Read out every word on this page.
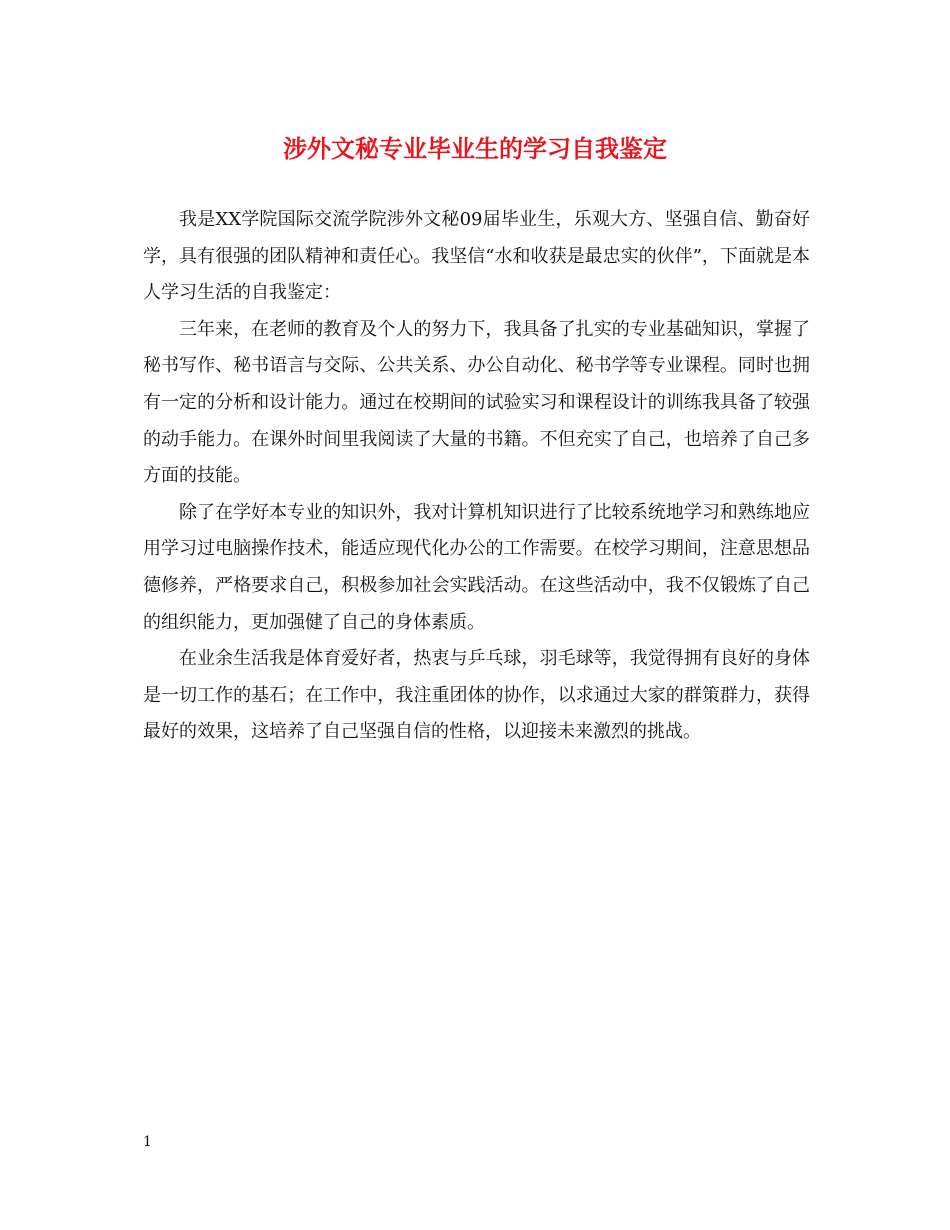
涉外文秘专业毕业生的学习自我鉴定

我是XX学院国际交流学院涉外文秘09届毕业生，乐观大方、坚强自信、勤奋好学，具有很强的团队精神和责任心。我坚信“水和收获是最忠实的伙伴”，下面就是本人学习生活的自我鉴定：

三年来，在老师的教育及个人的努力下，我具备了扎实的专业基础知识，掌握了秘书写作、秘书语言与交际、公共关系、办公自动化、秘书学等专业课程。同时也拥有一定的分析和设计能力。通过在校期间的试验实习和课程设计的训练我具备了较强的动手能力。在课外时间里我阅读了大量的书籍。不但充实了自己，也培养了自己多方面的技能。

除了在学好本专业的知识外，我对计算机知识进行了比较系统地学习和熟练地应用学习过电脑操作技术，能适应现代化办公的工作需要。在校学习期间，注意思想品德修养，严格要求自己，积极参加社会实践活动。在这些活动中，我不仅锻炼了自己的组织能力，更加强健了自己的身体素质。

在业余生活我是体育爱好者，热衷与乒乓球，羽毛球等，我觉得拥有良好的身体是一切工作的基石；在工作中，我注重团体的协作，以求通过大家的群策群力，获得最好的效果，这培养了自己坚强自信的性格，以迎接未来激烈的挑战。

1
